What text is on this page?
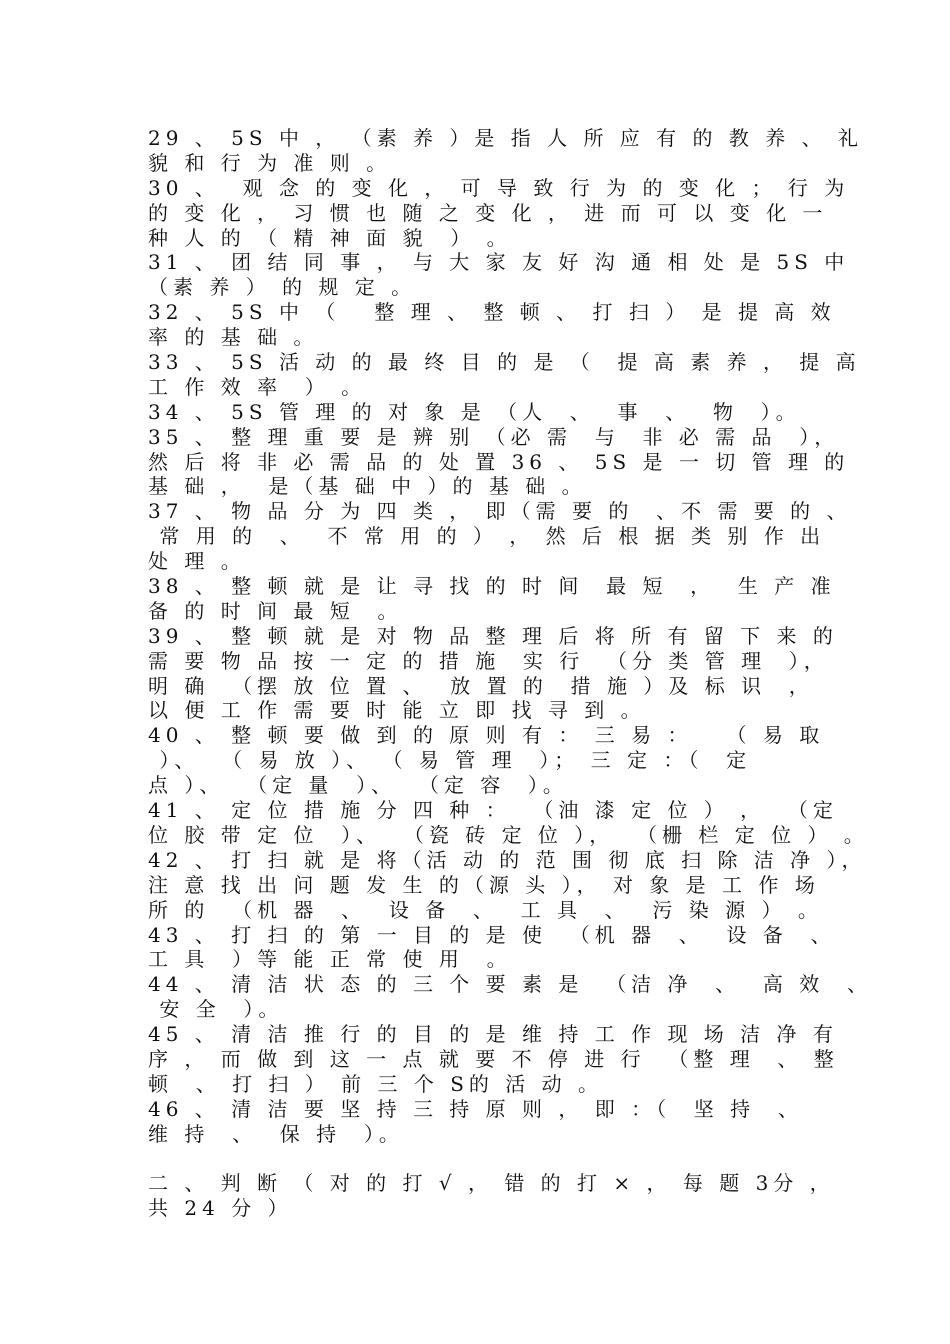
29 、 5S 中 ， （素 养 ）是 指 人 所 应 有 的 教 养 、 礼
貌 和 行 为 准 则 。
30 、  观 念 的 变 化 ， 可 导 致 行 为 的 变 化 ； 行 为
的 变 化 ， 习 惯 也 随 之 变 化 ， 进 而 可 以 变 化 一
种 人 的 （ 精 神 面 貌  ） 。
31 、 团 结 同 事 ， 与 大 家 友 好 沟 通 相 处 是 5S 中
（素 养 ） 的 规 定 。
32 、 5S 中 （   整 理 、 整 顿 、 打 扫 ） 是 提 高 效
率 的 基 础 。
33 、 5S 活 动 的 最 终 目 的 是 （  提 高 素 养 ， 提 高
工 作 效 率  ） 。
34 、 5S 管 理 的 对 象 是 （人  、  事  、  物  ）。
35 、 整 理 重 要 是 辨 别 （必 需  与  非 必 需 品  ），
然 后 将 非 必 需 品 的 处 置 36 、 5S 是 一 切 管 理 的
基 础 ，  是（基 础 中 ）的 基 础 。
37 、 物 品 分 为 四 类 ， 即（需 要 的  、不 需 要 的 、
常 用 的  、  不 常 用 的 ） ， 然 后 根 据 类 别 作 出
处 理 。
38 、 整 顿 就 是 让 寻 找 的 时 间  最 短  ，  生 产 准
备 的 时 间 最 短  。
39 、 整 顿 就 是 对 物 品 整 理 后 将 所 有 留 下 来 的
需 要 物 品 按 一 定 的 措 施  实 行  （分 类 管 理  ），
明 确  （摆 放 位 置 、  放 置 的  措 施 ）及 标 识  ，
以 便 工 作 需 要 时 能 立 即 找 寻 到 。
40 、 整 顿 要 做 到 的 原 则 有 ： 三 易 ：   （ 易 取
）、  （ 易 放 ）、 （ 易 管 理  ）； 三 定 ：（  定
点 ）、  （定 量  ）、  （定 容  ）。
41 、 定 位 措 施 分 四 种 ：  （油 漆 定 位 ） ，  （定
位 胶 带 定 位  ）、  （瓷 砖 定 位 ），  （栅 栏 定 位 ） 。
42 、 打 扫 就 是 将（活 动 的 范 围 彻 底 扫 除 洁 净 ），
注 意 找 出 问 题 发 生 的（源 头 ）， 对 象 是 工 作 场
所 的  （机 器  、  设 备  、  工 具  、  污 染 源 ） 。
43 、 打 扫 的 第 一 目 的 是 使  （机 器  、  设 备  、
工 具  ）等 能 正 常 使 用  。
44 、 清 洁 状 态 的 三 个 要 素 是  （洁 净  、  高 效  、
安 全  ）。
45 、 清 洁 推 行 的 目 的 是 维 持 工 作 现 场 洁 净 有
序 ， 而 做 到 这 一 点 就 要 不 停 进 行  （整 理  、 整
顿  、 打 扫 ） 前 三 个 S的 活 动 。
46 、 清 洁 要 坚 持 三 持 原 则 ， 即 ：（  坚 持  、
维 持  、  保 持  ）。
二 、 判 断 （ 对 的 打 √ ， 错 的 打 × ， 每 题 3分 ，
共 24 分 ）
